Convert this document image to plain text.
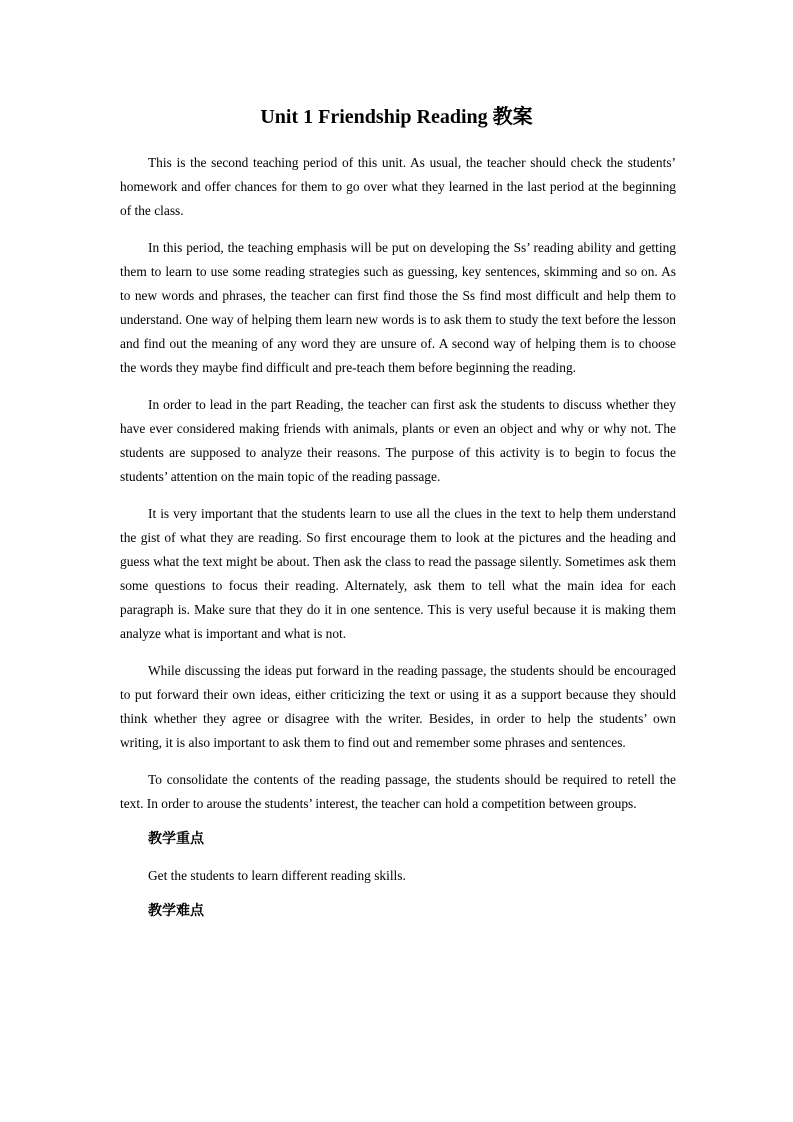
Unit 1 Friendship Reading 教案

This is the second teaching period of this unit. As usual, the teacher should check the students’ homework and offer chances for them to go over what they learned in the last period at the beginning of the class.

In this period, the teaching emphasis will be put on developing the Ss’ reading ability and getting them to learn to use some reading strategies such as guessing, key sentences, skimming and so on. As to new words and phrases, the teacher can first find those the Ss find most difficult and help them to understand. One way of helping them learn new words is to ask them to study the text before the lesson and find out the meaning of any word they are unsure of. A second way of helping them is to choose the words they maybe find difficult and pre-teach them before beginning the reading.

In order to lead in the part Reading, the teacher can first ask the students to discuss whether they have ever considered making friends with animals, plants or even an object and why or why not. The students are supposed to analyze their reasons. The purpose of this activity is to begin to focus the students’ attention on the main topic of the reading passage.

It is very important that the students learn to use all the clues in the text to help them understand the gist of what they are reading. So first encourage them to look at the pictures and the heading and guess what the text might be about. Then ask the class to read the passage silently. Sometimes ask them some questions to focus their reading. Alternately, ask them to tell what the main idea for each paragraph is. Make sure that they do it in one sentence. This is very useful because it is making them analyze what is important and what is not.

While discussing the ideas put forward in the reading passage, the students should be encouraged to put forward their own ideas, either criticizing the text or using it as a support because they should think whether they agree or disagree with the writer. Besides, in order to help the students’ own writing, it is also important to ask them to find out and remember some phrases and sentences.

To consolidate the contents of the reading passage, the students should be required to retell the text. In order to arouse the students’ interest, the teacher can hold a competition between groups.

教学重点

Get the students to learn different reading skills.

教学难点
